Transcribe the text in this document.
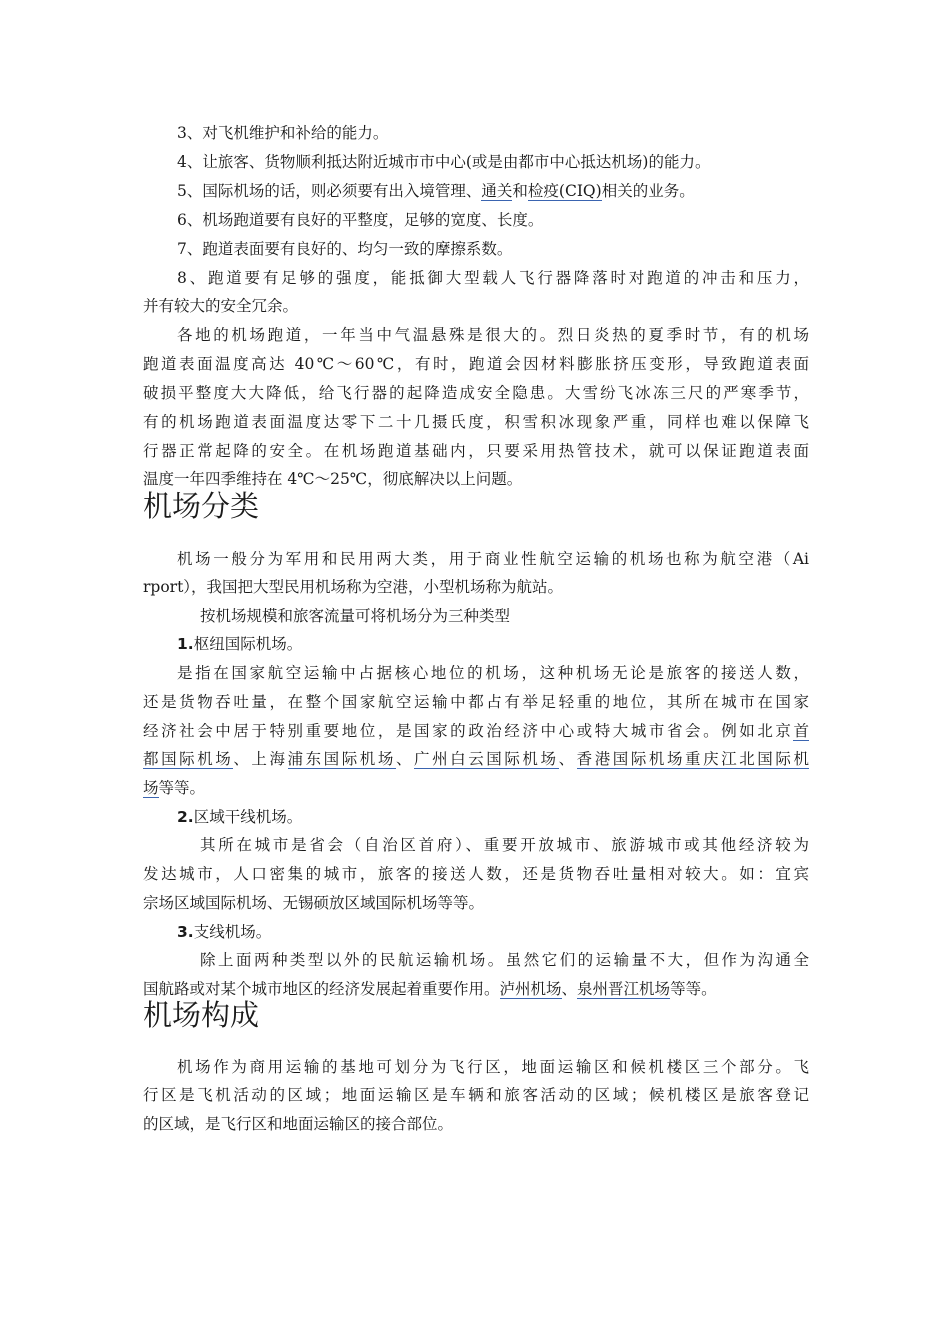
3、对飞机维护和补给的能力。
4、让旅客、货物顺利抵达附近城市市中心(或是由都市中心抵达机场)的能力。
5、国际机场的话，则必须要有出入境管理、通关和检疫(CIQ)相关的业务。
6、机场跑道要有良好的平整度，足够的宽度、长度。
7、跑道表面要有良好的、均匀一致的摩擦系数。
8、跑道要有足够的强度，能抵御大型载人飞行器降落时对跑道的冲击和压力，
并有较大的安全冗余。
各地的机场跑道，一年当中气温悬殊是很大的。烈日炎热的夏季时节，有的机场
跑道表面温度高达 40℃～60℃，有时，跑道会因材料膨胀挤压变形，导致跑道表面
破损平整度大大降低，给飞行器的起降造成安全隐患。大雪纷飞冰冻三尺的严寒季节，
有的机场跑道表面温度达零下二十几摄氏度，积雪积冰现象严重，同样也难以保障飞
行器正常起降的安全。在机场跑道基础内，只要采用热管技术，就可以保证跑道表面
温度一年四季维持在 4℃～25℃，彻底解决以上问题。
机场分类
机场一般分为军用和民用两大类，用于商业性航空运输的机场也称为航空港（Ai
rport），我国把大型民用机场称为空港，小型机场称为航站。
按机场规模和旅客流量可将机场分为三种类型
1.枢纽国际机场。
是指在国家航空运输中占据核心地位的机场，这种机场无论是旅客的接送人数，
还是货物吞吐量，在整个国家航空运输中都占有举足轻重的地位，其所在城市在国家
经济社会中居于特别重要地位，是国家的政治经济中心或特大城市省会。例如北京首
都国际机场、上海浦东国际机场、广州白云国际机场、香港国际机场重庆江北国际机
场等等。
2.区域干线机场。
其所在城市是省会（自治区首府）、重要开放城市、旅游城市或其他经济较为
发达城市，人口密集的城市，旅客的接送人数，还是货物吞吐量相对较大。如：宜宾
宗场区域国际机场、无锡硕放区域国际机场等等。
3.支线机场。
除上面两种类型以外的民航运输机场。虽然它们的运输量不大，但作为沟通全
国航路或对某个城市地区的经济发展起着重要作用。泸州机场、泉州晋江机场等等。
机场构成
机场作为商用运输的基地可划分为飞行区，地面运输区和候机楼区三个部分。飞
行区是飞机活动的区域；地面运输区是车辆和旅客活动的区域；候机楼区是旅客登记
的区域，是飞行区和地面运输区的接合部位。
